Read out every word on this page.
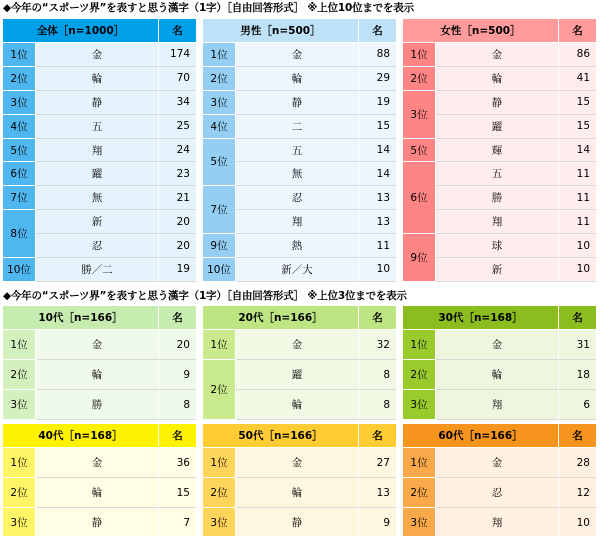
◆今年の“スポーツ界”を表すと思う漢字（1字）［自由回答形式］ ※上位10位までを表示
全体［n=1000］		名
1位	金	174
2位	輪	70
3位	静	34
4位	五	25
5位	翔	24
6位	躍	23
7位	無	21
8位	新	20
	忍	20
10位	勝／二	19
男性［n=500］		名
1位	金	88
2位	輪	29
3位	静	19
4位	二	15
5位	五	14
	無	14
7位	忍	13
	翔	13
9位	熱	11
10位	新／大	10
女性［n=500］		名
1位	金	86
2位	輪	41
3位	静	15
	躍	15
5位	輝	14
6位	五	11
	勝	11
	翔	11
9位	球	10
	新	10
◆今年の“スポーツ界”を表すと思う漢字（1字）［自由回答形式］ ※上位3位までを表示
10代［n=166］		名
1位	金	20
2位	輪	9
3位	勝	8
20代［n=166］		名
1位	金	32
2位	躍	8
	輪	8
30代［n=168］		名
1位	金	31
2位	輪	18
3位	翔	6
40代［n=168］		名
1位	金	36
2位	輪	15
3位	静	7
50代［n=166］		名
1位	金	27
2位	輪	13
3位	静	9
60代［n=166］		名
1位	金	28
2位	忍	12
3位	翔	10
